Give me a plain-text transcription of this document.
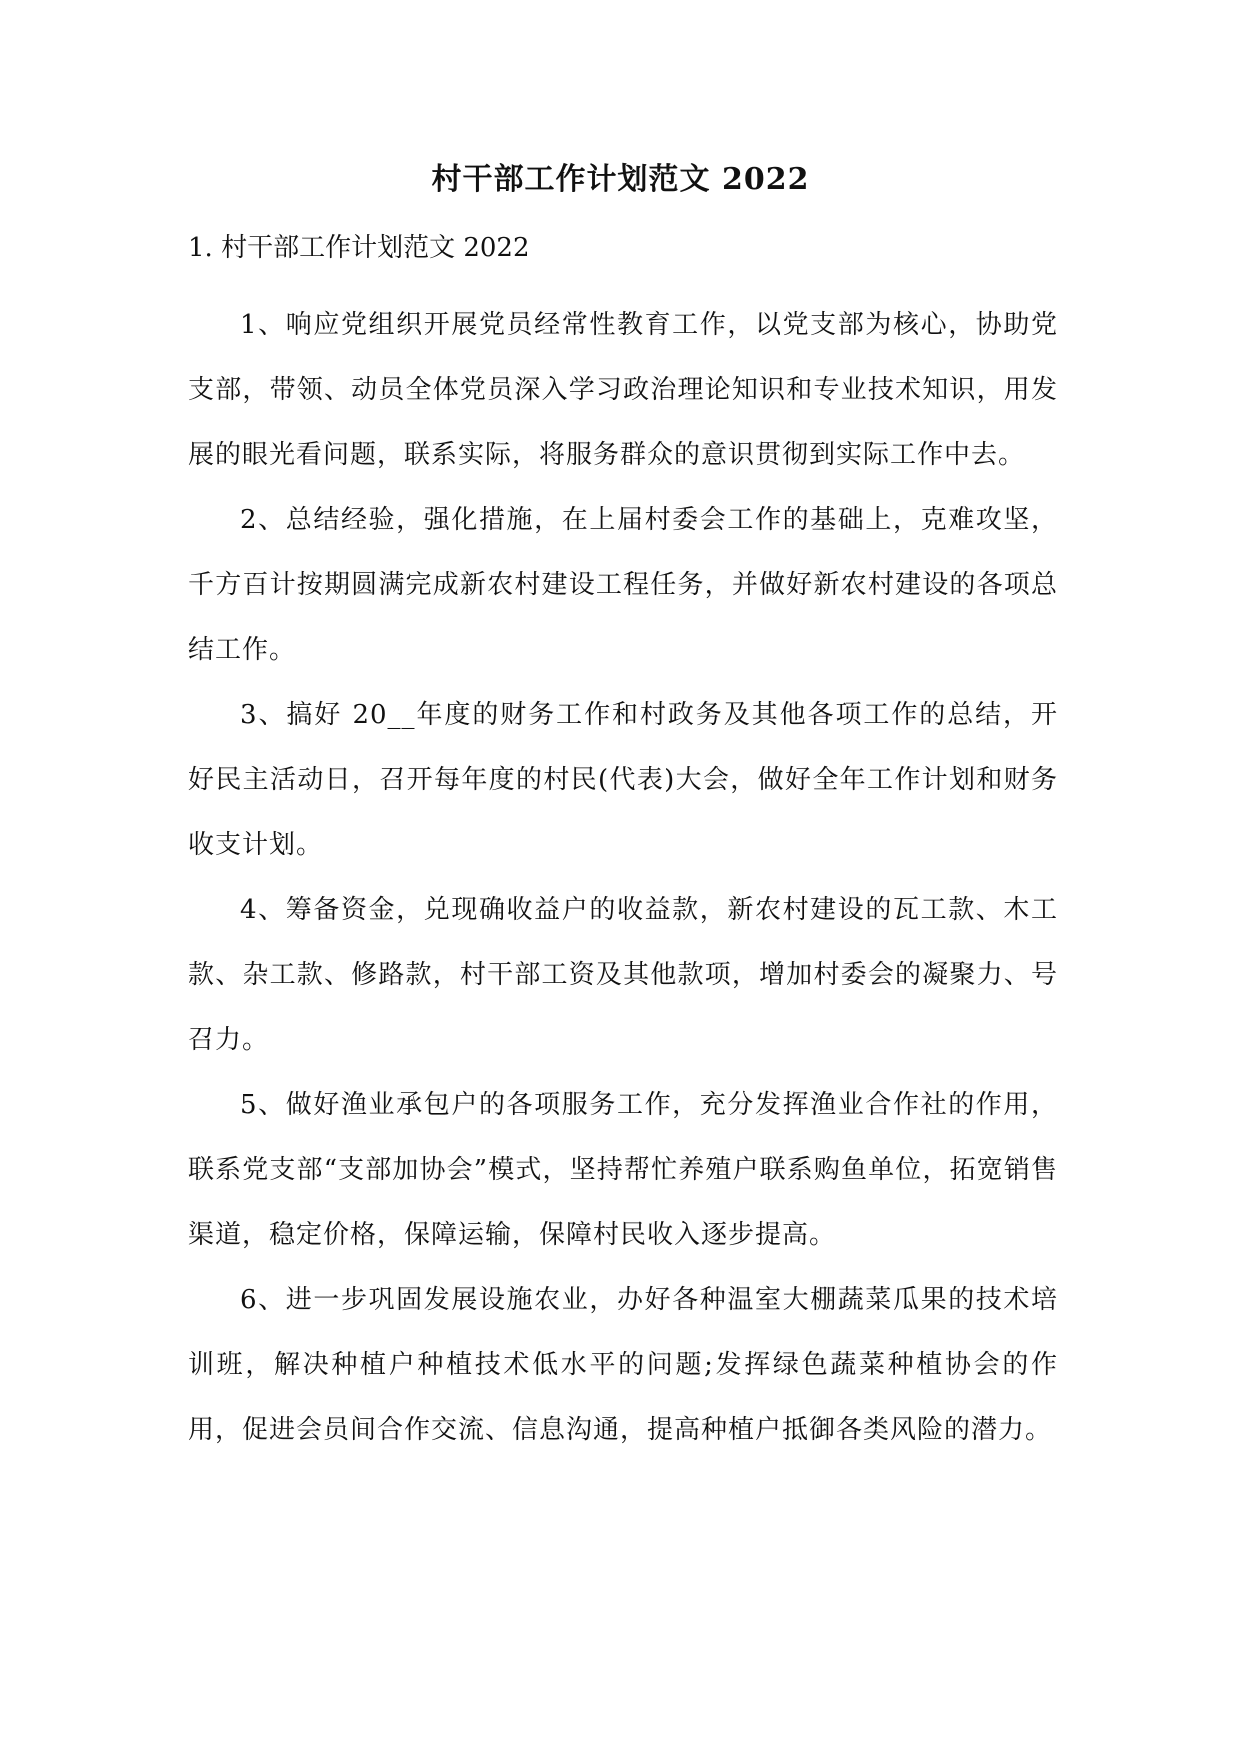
村干部工作计划范文 2022
1. 村干部工作计划范文 2022

1、响应党组织开展党员经常性教育工作，以党支部为核心，协助党支部，带领、动员全体党员深入学习政治理论知识和专业技术知识，用发展的眼光看问题，联系实际，将服务群众的意识贯彻到实际工作中去。

2、总结经验，强化措施，在上届村委会工作的基础上，克难攻坚，千方百计按期圆满完成新农村建设工程任务，并做好新农村建设的各项总结工作。

3、搞好 20__年度的财务工作和村政务及其他各项工作的总结，开好民主活动日，召开每年度的村民(代表)大会，做好全年工作计划和财务收支计划。

4、筹备资金，兑现确收益户的收益款，新农村建设的瓦工款、木工款、杂工款、修路款，村干部工资及其他款项，增加村委会的凝聚力、号召力。

5、做好渔业承包户的各项服务工作，充分发挥渔业合作社的作用，联系党支部“支部加协会”模式，坚持帮忙养殖户联系购鱼单位，拓宽销售渠道，稳定价格，保障运输，保障村民收入逐步提高。

6、进一步巩固发展设施农业，办好各种温室大棚蔬菜瓜果的技术培训班，解决种植户种植技术低水平的问题;发挥绿色蔬菜种植协会的作用，促进会员间合作交流、信息沟通，提高种植户抵御各类风险的潜力。
